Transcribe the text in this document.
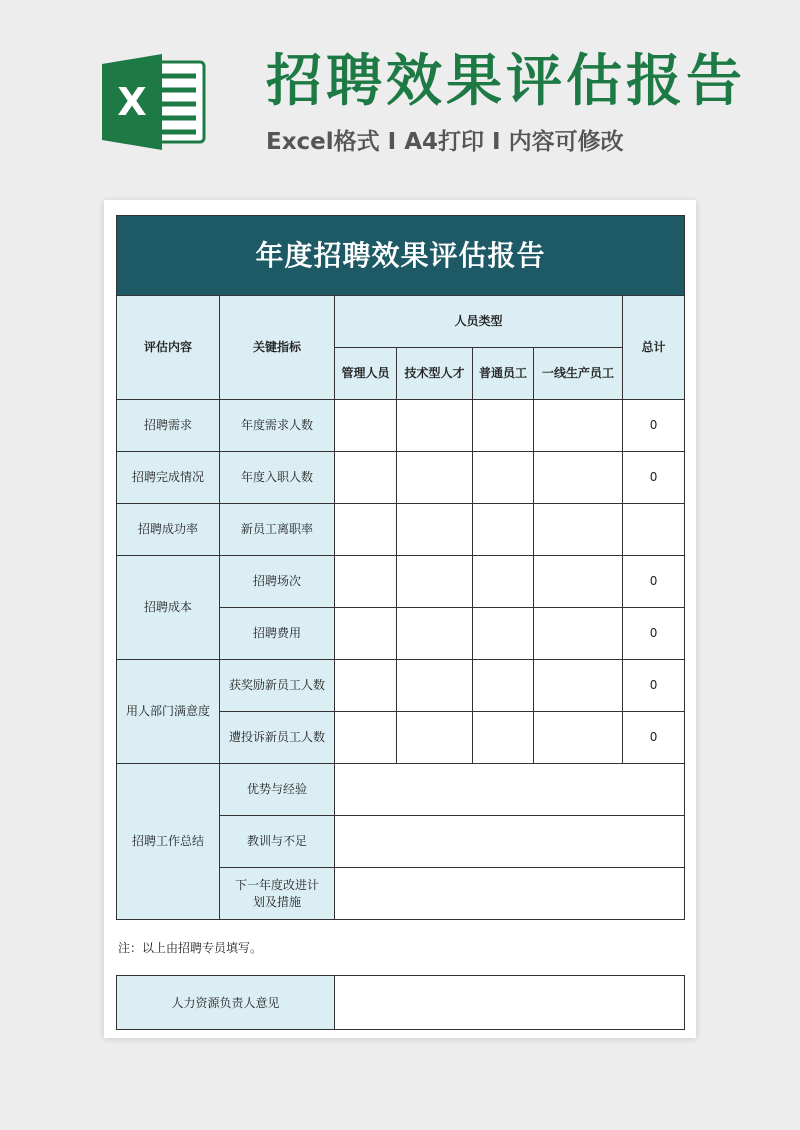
X 招聘效果评估报告
Excel格式 I A4打印 I 内容可修改
年度招聘效果评估报告						
评估内容	关键指标	人员类型				总计
		管理人员	技术型人才	普通员工	一线生产员工	
招聘需求	年度需求人数					0
招聘完成情况	年度入职人数					0
招聘成功率	新员工离职率					
招聘成本	招聘场次					0
	招聘费用					0
用人部门满意度	获奖励新员工人数					0
	遭投诉新员工人数					0
招聘工作总结	优势与经验					
	教训与不足					
	下一年度改进计划及措施					
注：以上由招聘专员填写。
人力资源负责人意见	
